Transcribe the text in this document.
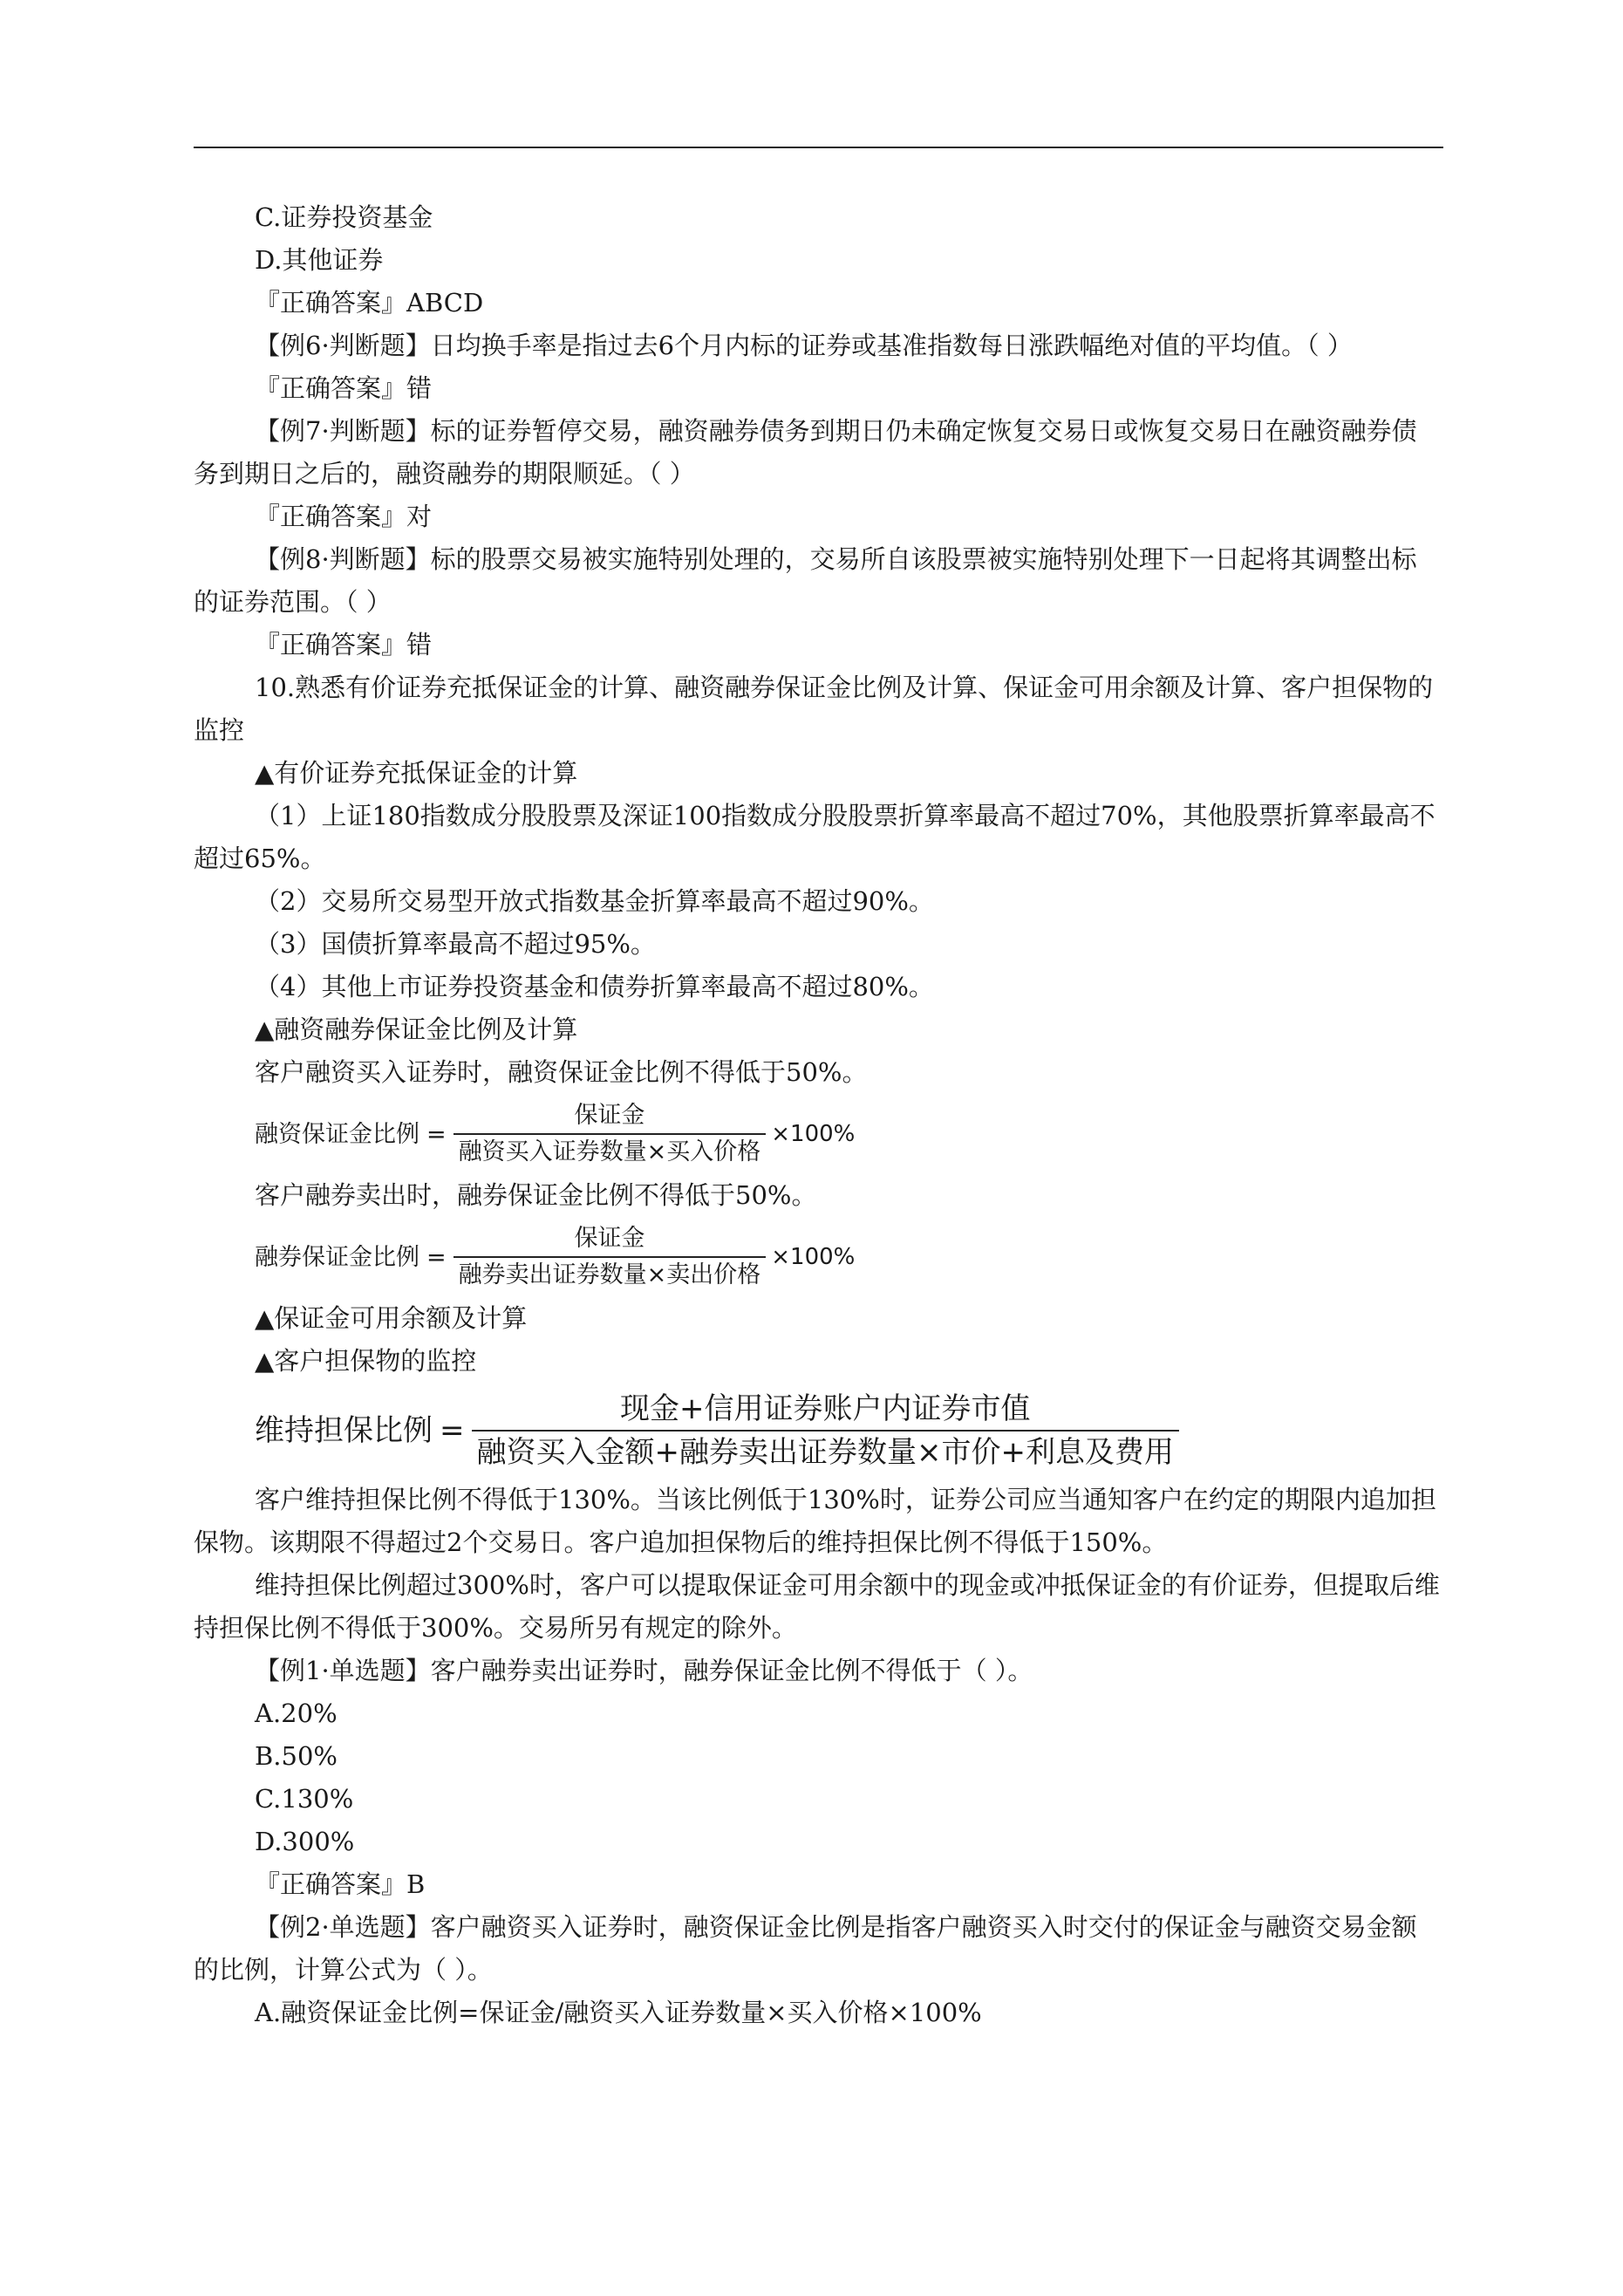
C.证券投资基金

D.其他证券

『正确答案』ABCD

【例6·判断题】日均换手率是指过去6个月内标的证券或基准指数每日涨跌幅绝对值的平均值。（ ）

『正确答案』错

【例7·判断题】标的证券暂停交易，融资融券债务到期日仍未确定恢复交易日或恢复交易日在融资融券债务到期日之后的，融资融券的期限顺延。（ ）

『正确答案』对

【例8·判断题】标的股票交易被实施特别处理的，交易所自该股票被实施特别处理下一日起将其调整出标的证券范围。（ ）

『正确答案』错

10.熟悉有价证券充抵保证金的计算、融资融券保证金比例及计算、保证金可用余额及计算、客户担保物的监控

▲有价证券充抵保证金的计算

（1）上证180指数成分股股票及深证100指数成分股股票折算率最高不超过70%，其他股票折算率最高不超过65%。

（2）交易所交易型开放式指数基金折算率最高不超过90%。

（3）国债折算率最高不超过95%。

（4）其他上市证券投资基金和债券折算率最高不超过80%。

▲融资融券保证金比例及计算

客户融资买入证券时，融资保证金比例不得低于50%。

融资保证金比例 = $\frac{\text{保证金}}{\text{融资买入证券数量×买入价格}} \times 100\%$

客户融券卖出时，融券保证金比例不得低于50%。

融券保证金比例 = $\frac{\text{保证金}}{\text{融券卖出证券数量×卖出价格}} \times 100\%$

▲保证金可用余额及计算

▲客户担保物的监控

维持担保比例 = $\frac{\text{现金+信用证券账户内证券市值}}{\text{融资买入金额+融券卖出证券数量×市价+利息及费用}}$

客户维持担保比例不得低于130%。当该比例低于130%时，证券公司应当通知客户在约定的期限内追加担保物。该期限不得超过2个交易日。客户追加担保物后的维持担保比例不得低于150%。

维持担保比例超过300%时，客户可以提取保证金可用余额中的现金或冲抵保证金的有价证券，但提取后维持担保比例不得低于300%。交易所另有规定的除外。

【例1·单选题】客户融券卖出证券时，融券保证金比例不得低于（ ）。

A.20%

B.50%

C.130%

D.300%

『正确答案』B

【例2·单选题】客户融资买入证券时，融资保证金比例是指客户融资买入时交付的保证金与融资交易金额的比例，计算公式为（ ）。

A.融资保证金比例=保证金/融资买入证券数量×买入价格×100%
